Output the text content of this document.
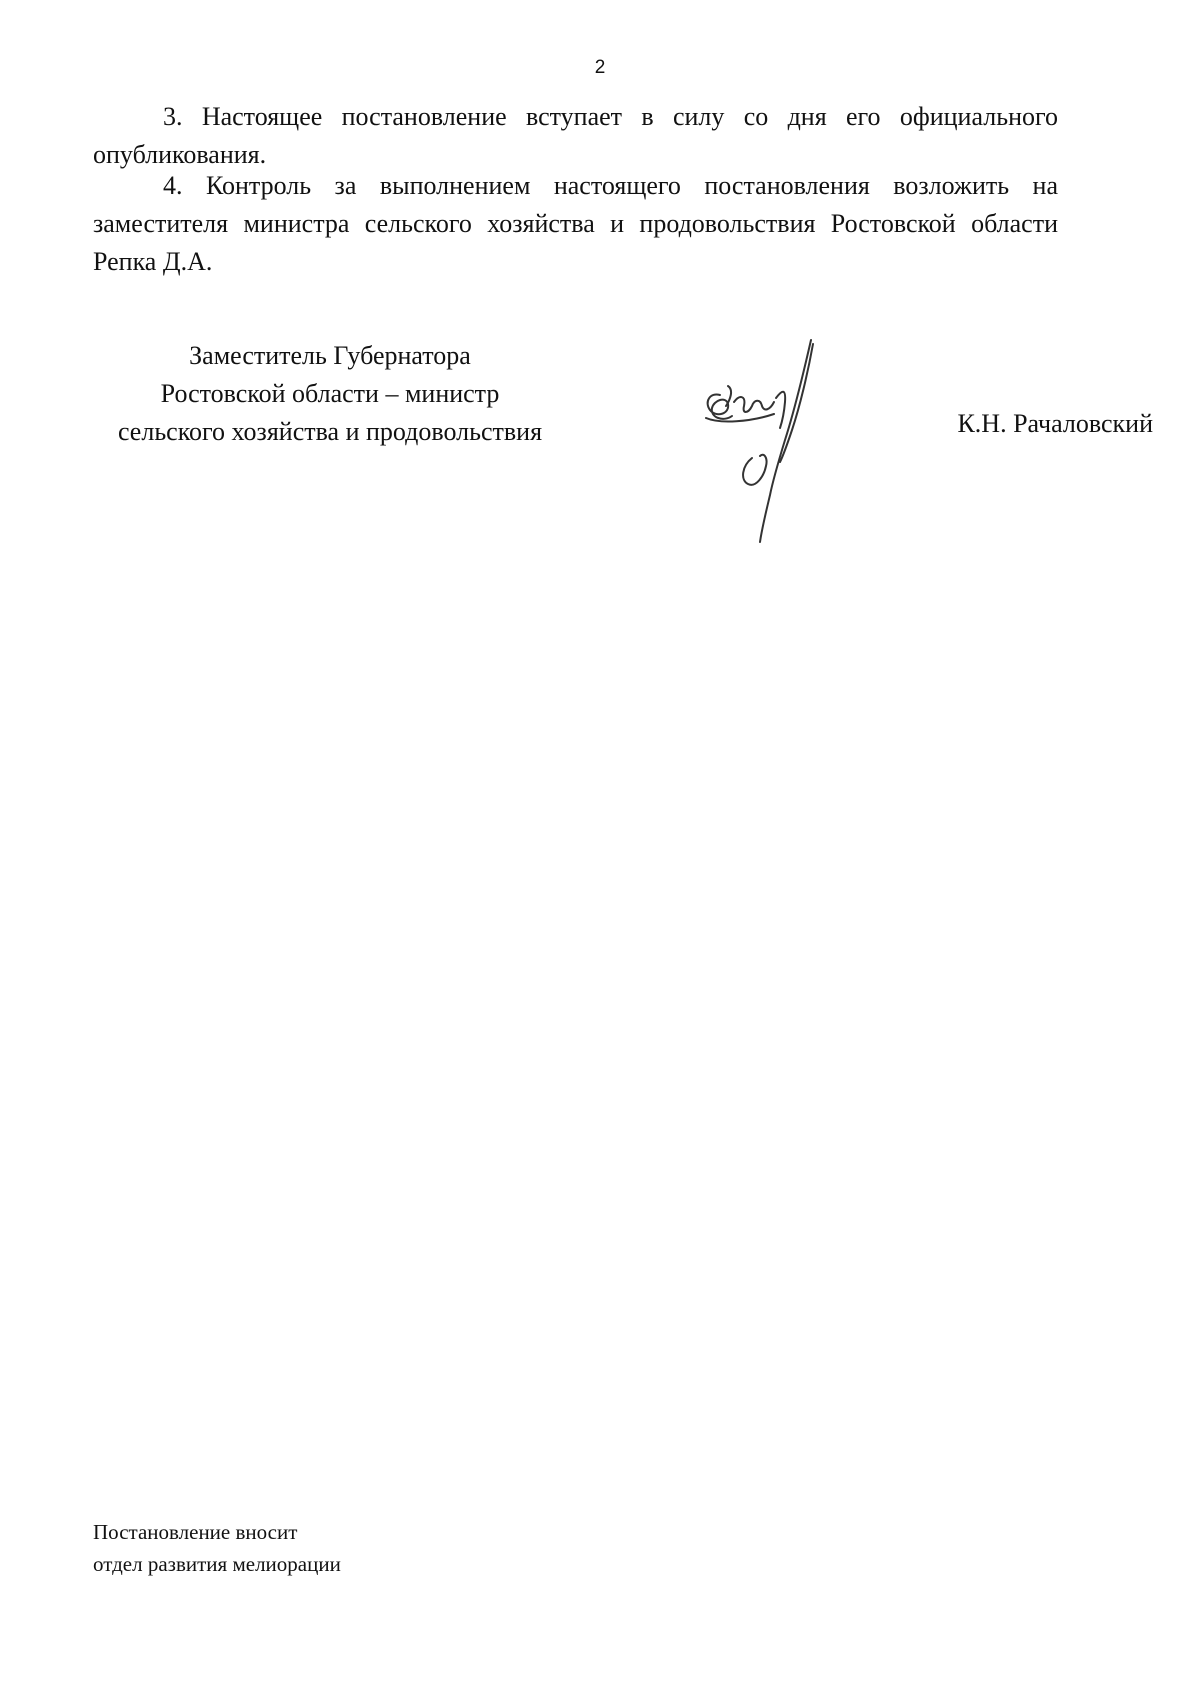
2
3. Настоящее постановление вступает в силу со дня его официального опубликования.
4. Контроль за выполнением настоящего постановления возложить на заместителя министра сельского хозяйства и продовольствия Ростовской области Репка Д.А.
Заместитель Губернатора
Ростовской области – министр
сельского хозяйства и продовольствия	К.Н. Рачаловский
Постановление вносит
отдел развития мелиорации
